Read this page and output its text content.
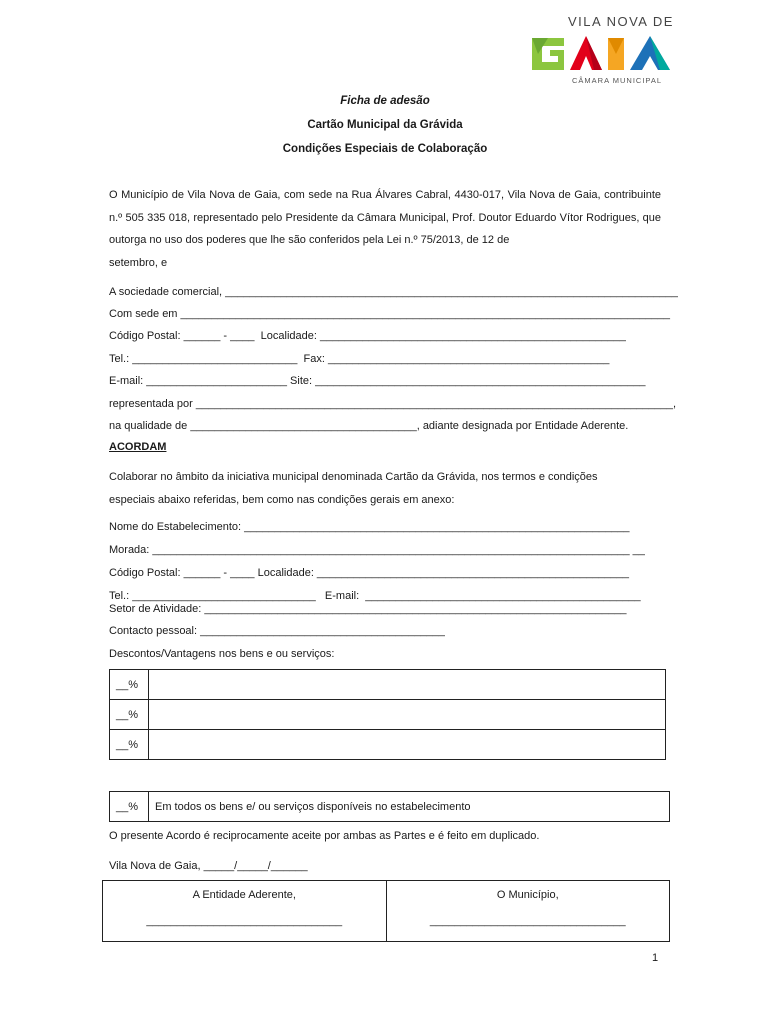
VILA NOVA DE
CÂMARA MUNICIPAL
Ficha de adesão
Cartão Municipal da Grávida
Condições Especiais de Colaboração
O Município de Vila Nova de Gaia, com sede na Rua Álvares Cabral, 4430-017, Vila Nova de Gaia, contribuinte n.º 505 335 018, representado pelo Presidente da Câmara Municipal, Prof. Doutor Eduardo Vítor Rodrigues, que outorga no uso dos poderes que lhe são conferidos pela Lei n.º 75/2013, de 12 de
setembro, e
A sociedade comercial, __________________________________________________________________________
Com sede em ________________________________________________________________________________
Código Postal: ______ - ____  Localidade: __________________________________________________
Tel.: ___________________________  Fax: ______________________________________________
E-mail: _______________________ Site: ______________________________________________________
representada por ______________________________________________________________________________,
na qualidade de _____________________________________, adiante designada por Entidade Aderente.
ACORDAM
Colaborar no âmbito da iniciativa municipal denominada Cartão da Grávida, nos termos e condições
especiais abaixo referidas, bem como nas condições gerais em anexo:
Nome do Estabelecimento: _______________________________________________________________
Morada: ______________________________________________________________________________ __
Código Postal: ______ - ____ Localidade: ___________________________________________________
Tel.: ______________________________   E-mail:  _____________________________________________
Setor de Atividade: _____________________________________________________________________
Contacto pessoal: ________________________________________
Descontos/Vantagens nos bens e ou serviços:
__%	
__%	
__%	
__%	Em todos os bens e/ ou serviços disponíveis no estabelecimento
O presente Acordo é reciprocamente aceite por ambas as Partes e é feito em duplicado.
Vila Nova de Gaia, _____/_____/______
A Entidade Aderente,
________________________________

O Município,
________________________________
1
